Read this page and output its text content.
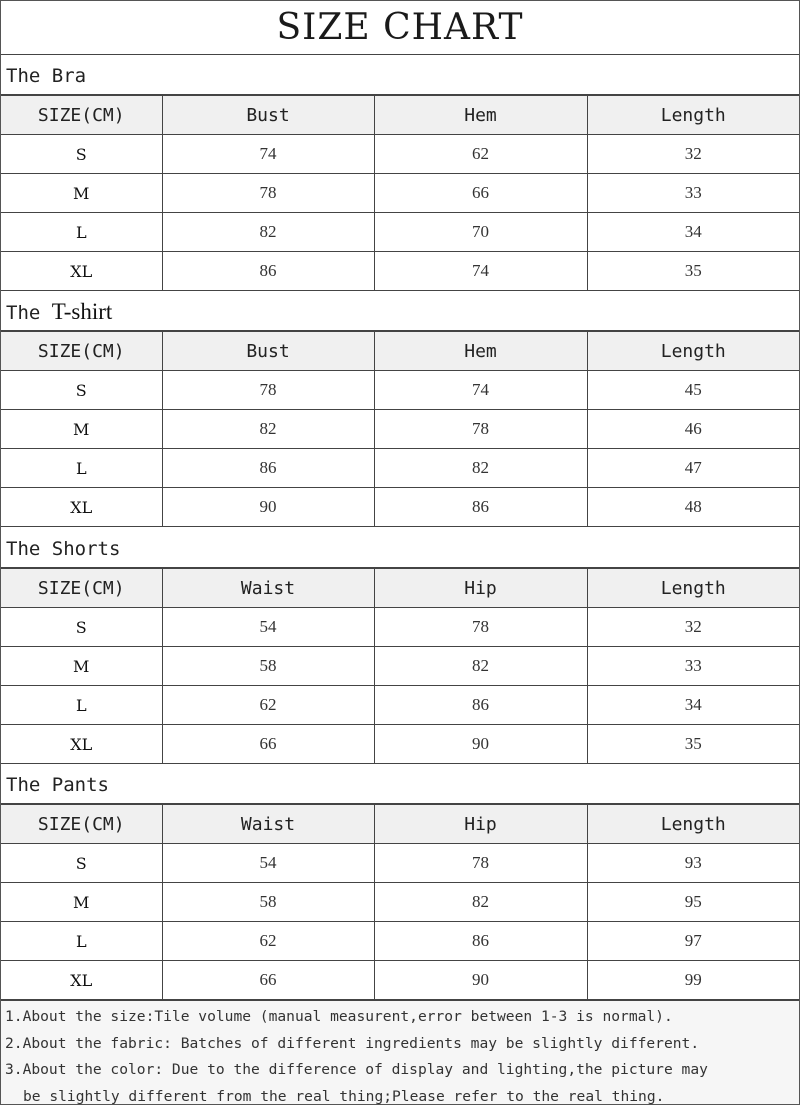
SIZE CHART
The Bra
SIZE(CM)	Bust	Hem	Length
S	74	62	32
M	78	66	33
L	82	70	34
XL	86	74	35
The T-shirt
SIZE(CM)	Bust	Hem	Length
S	78	74	45
M	82	78	46
L	86	82	47
XL	90	86	48
The Shorts
SIZE(CM)	Waist	Hip	Length
S	54	78	32
M	58	82	33
L	62	86	34
XL	66	90	35
The Pants
SIZE(CM)	Waist	Hip	Length
S	54	78	93
M	58	82	95
L	62	86	97
XL	66	90	99
1.About the size:Tile volume (manual measurent,error between 1-3 is normal).
2.About the fabric: Batches of different ingredients may be slightly different.
3.About the color: Due to the difference of display and lighting,the picture may
be slightly different from the real thing;Please refer to the real thing.
